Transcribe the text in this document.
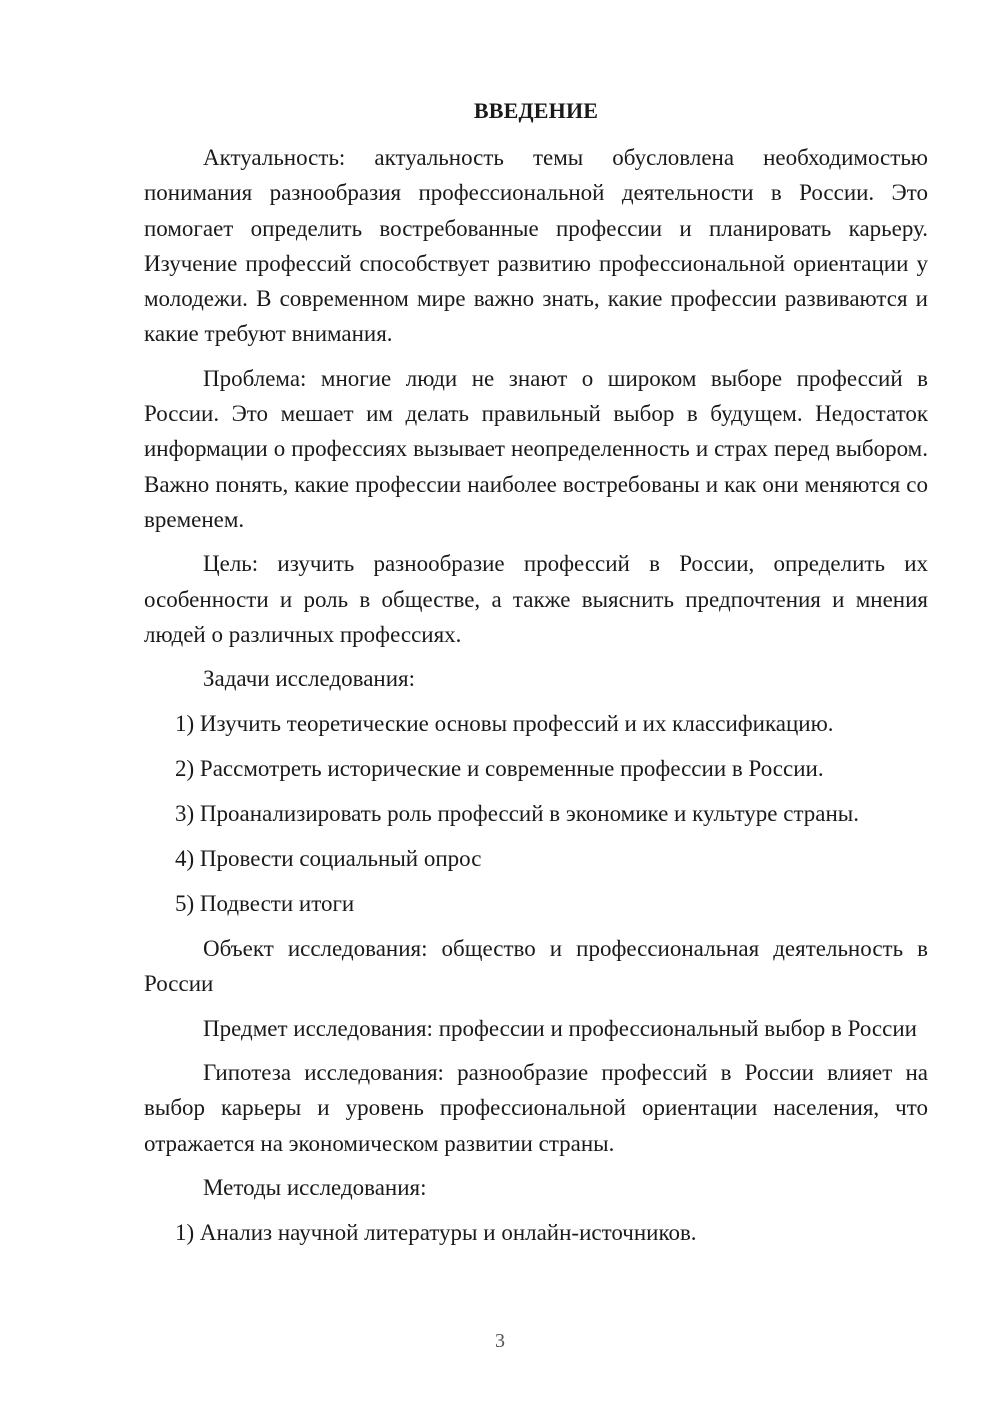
ВВЕДЕНИЕ

Актуальность: актуальность темы обусловлена необходимостью понимания разнообразия профессиональной деятельности в России. Это помогает определить востребованные профессии и планировать карьеру. Изучение профессий способствует развитию профессиональной ориентации у молодежи. В современном мире важно знать, какие профессии развиваются и какие требуют внимания.

Проблема: многие люди не знают о широком выборе профессий в России. Это мешает им делать правильный выбор в будущем. Недостаток информации о профессиях вызывает неопределенность и страх перед выбором. Важно понять, какие профессии наиболее востребованы и как они меняются со временем.

Цель: изучить разнообразие профессий в России, определить их особенности и роль в обществе, а также выяснить предпочтения и мнения людей о различных профессиях.

Задачи исследования:
1) Изучить теоретические основы профессий и их классификацию.
2) Рассмотреть исторические и современные профессии в России.
3) Проанализировать роль профессий в экономике и культуре страны.
4) Провести социальный опрос
5) Подвести итоги

Объект исследования: общество и профессиональная деятельность в России

Предмет исследования: профессии и профессиональный выбор в России

Гипотеза исследования: разнообразие профессий в России влияет на выбор карьеры и уровень профессиональной ориентации населения, что отражается на экономическом развитии страны.

Методы исследования:
1) Анализ научной литературы и онлайн-источников.
3
